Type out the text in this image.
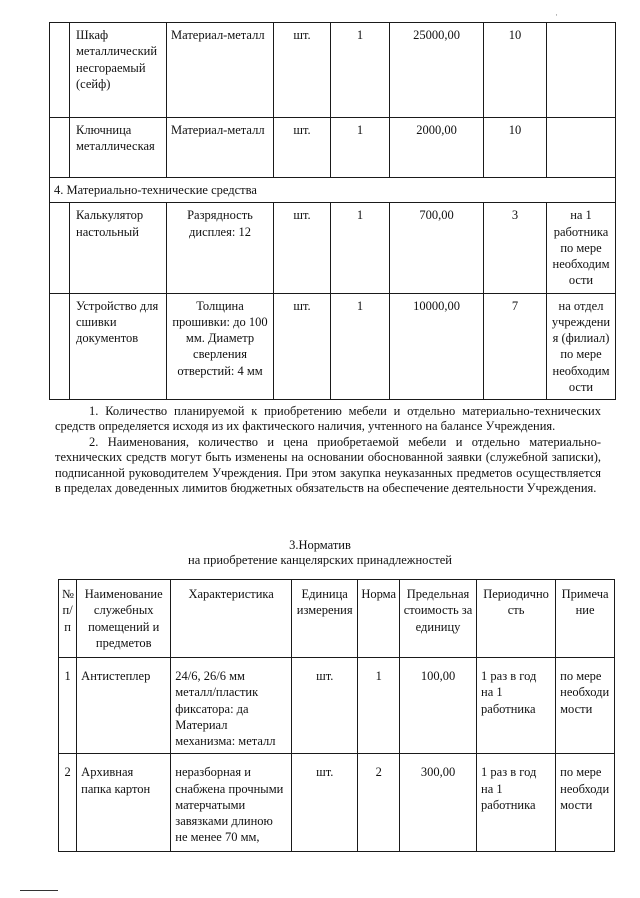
·
	Шкаф металлический несгораемый (сейф)	Материал-металл	шт.	1	25000,00	10	
	Ключница металлическая	Материал-металл	шт.	1	2000,00	10	
4. Материально-технические средства							
	Калькулятор настольный	Разрядность дисплея: 12	шт.	1	700,00	3	на 1 работника по мере необходим ости
	Устройство для сшивки документов	Толщина прошивки: до 100 мм. Диаметр сверления отверстий: 4 мм	шт.	1	10000,00	7	на отдел учреждени я (филиал) по мере необходим ости

1. Количество планируемой к приобретению мебели и отдельно материально-технических средств определяется исходя из их фактического наличия, учтенного на балансе Учреждения.

2. Наименования, количество и цена приобретаемой мебели и отдельно материально-технических средств могут быть изменены на основании обоснованной заявки (служебной записки), подписанной руководителем Учреждения. При этом закупка неуказанных предметов осуществляется в пределах доведенных лимитов бюджетных обязательств на обеспечение деятельности Учреждения.

3.Норматив
на приобретение канцелярских принадлежностей
№ п/ п	Наименование служебных помещений и предметов	Характеристика	Единица измерения	Норма	Предельная стоимость за единицу	Периодично сть	Примеча ние
1	Антистеплер	24/6, 26/6 мм металл/пластик фиксатора: да Материал механизма: металл	шт.	1	100,00	1 раз в год на 1 работника	по мере необходи мости
2	Архивная папка картон	неразборная и снабжена прочными матерчатыми завязками длиною не менее 70 мм,	шт.	2	300,00	1 раз в год на 1 работника	по мере необходи мости
